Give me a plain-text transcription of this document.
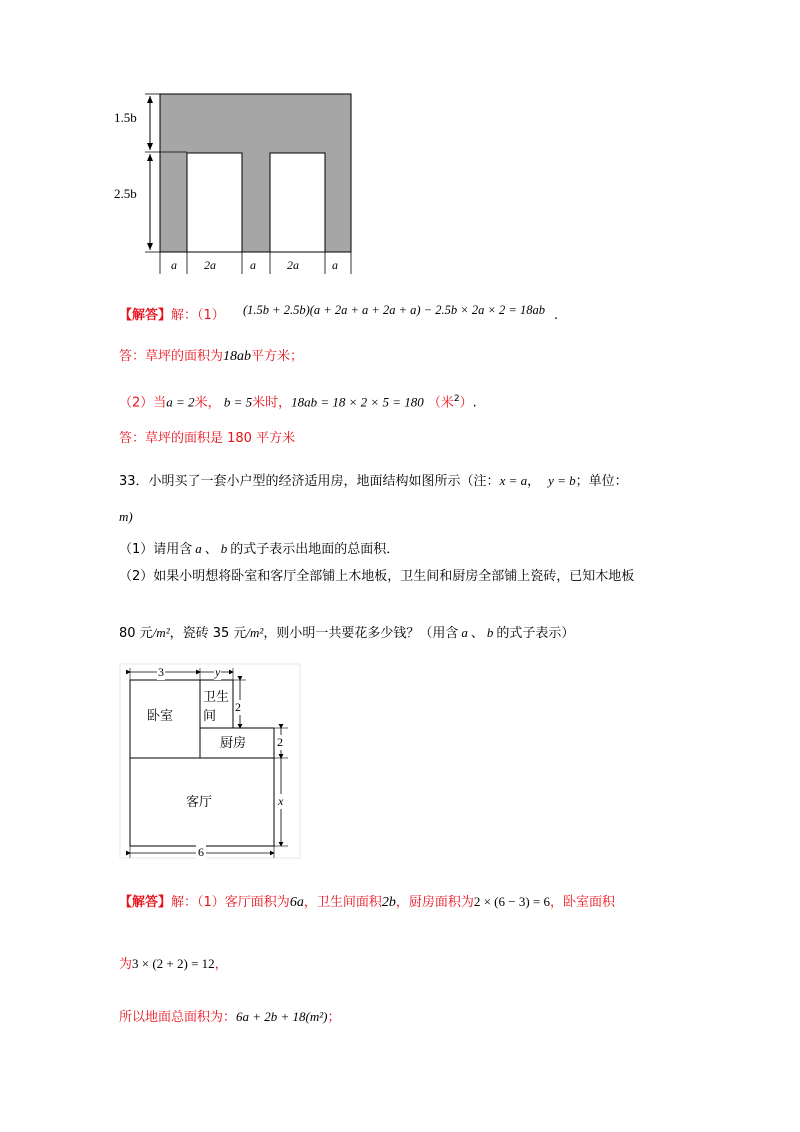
1.5b
2.5b
a 2a	a	2a	a
【解答】解：（1） (1.5b + 2.5b)(a + 2a + a + 2a + a) − 2.5b × 2a × 2 = 18ab .
答：草坪的面积为18ab平方米；
（2）当a = 2米， b = 5米时，18ab = 18 × 2 × 5 = 180 （米$^2$）.
答：草坪的面积是 180 平方米
33．小明买了一套小户型的经济适用房，地面结构如图所示（注：x = a， y = b；单位：
m)
（1）请用含 a 、 b 的式子表示出地面的总面积．
（2）如果小明想将卧室和客厅全部铺上木地板，卫生间和厨房全部铺上瓷砖，已知木地板
80 元/m²，瓷砖 35 元/m²，则小明一共要花多少钱？（用含 a 、 b 的式子表示）
3	y
2
2
x
6
卧室
卫生
间
厨房
客厅
【解答】解：（1）客厅面积为6a，卫生间面积2b，厨房面积为2 × (6 − 3) = 6，卧室面积
为3 × (2 + 2) = 12，
所以地面总面积为：6a + 2b + 18(m²)；
